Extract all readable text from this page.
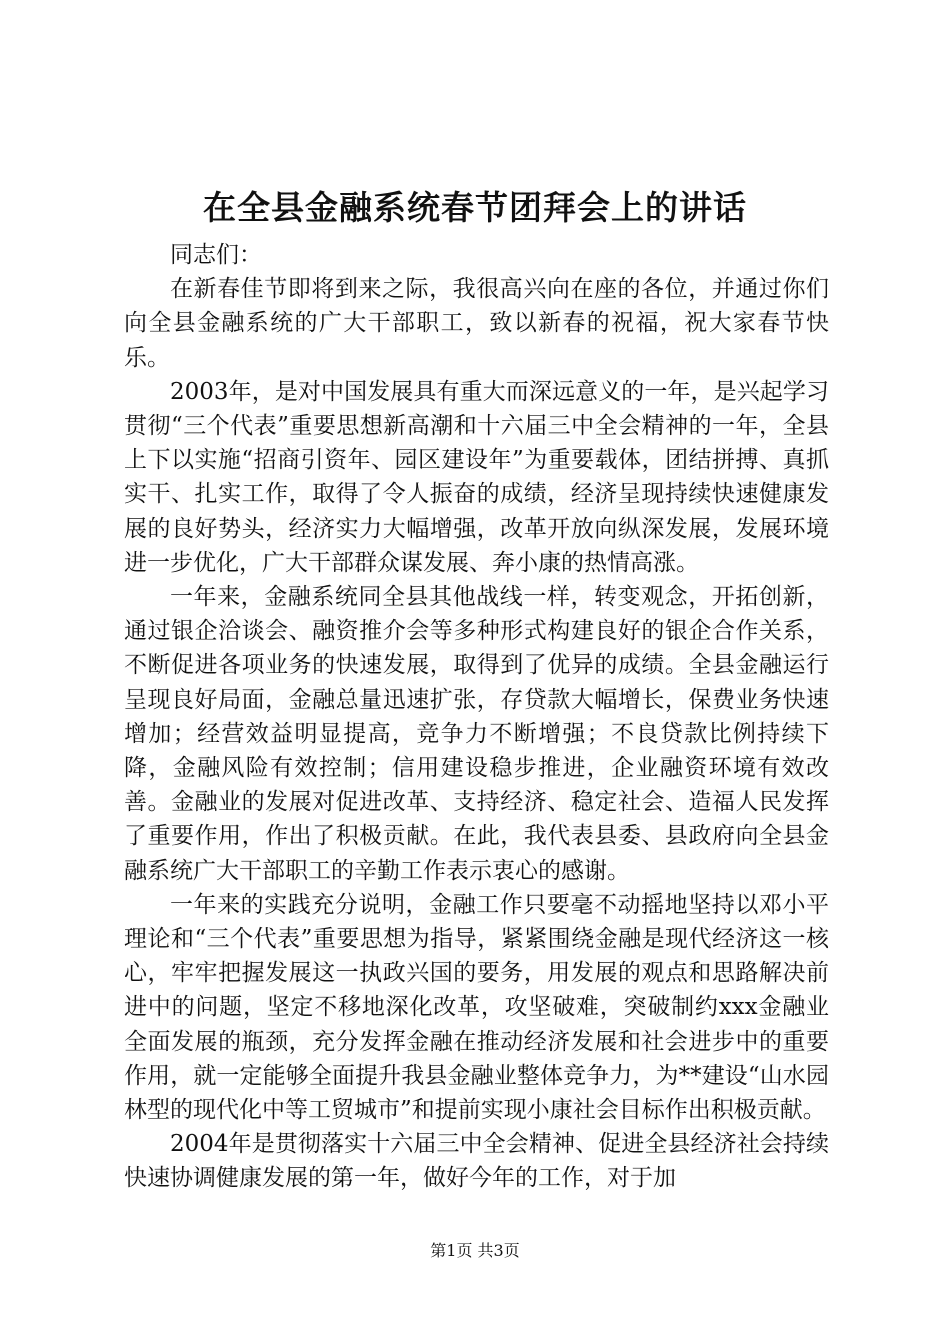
在全县金融系统春节团拜会上的讲话

同志们：

在新春佳节即将到来之际，我很高兴向在座的各位，并通过你们向全县金融系统的广大干部职工，致以新春的祝福，祝大家春节快乐。

2003年，是对中国发展具有重大而深远意义的一年，是兴起学习贯彻“三个代表”重要思想新高潮和十六届三中全会精神的一年，全县上下以实施“招商引资年、园区建设年”为重要载体，团结拼搏、真抓实干、扎实工作，取得了令人振奋的成绩，经济呈现持续快速健康发展的良好势头，经济实力大幅增强，改革开放向纵深发展，发展环境进一步优化，广大干部群众谋发展、奔小康的热情高涨。

一年来，金融系统同全县其他战线一样，转变观念，开拓创新，通过银企洽谈会、融资推介会等多种形式构建良好的银企合作关系，不断促进各项业务的快速发展，取得到了优异的成绩。全县金融运行呈现良好局面，金融总量迅速扩张，存贷款大幅增长，保费业务快速增加；经营效益明显提高，竞争力不断增强；不良贷款比例持续下降，金融风险有效控制；信用建设稳步推进，企业融资环境有效改善。金融业的发展对促进改革、支持经济、稳定社会、造福人民发挥了重要作用，作出了积极贡献。在此，我代表县委、县政府向全县金融系统广大干部职工的辛勤工作表示衷心的感谢。

一年来的实践充分说明，金融工作只要毫不动摇地坚持以邓小平理论和“三个代表”重要思想为指导，紧紧围绕金融是现代经济这一核心，牢牢把握发展这一执政兴国的要务，用发展的观点和思路解决前进中的问题，坚定不移地深化改革，攻坚破难，突破制约xxx金融业全面发展的瓶颈，充分发挥金融在推动经济发展和社会进步中的重要作用，就一定能够全面提升我县金融业整体竞争力，为**建设“山水园林型的现代化中等工贸城市”和提前实现小康社会目标作出积极贡献。

2004年是贯彻落实十六届三中全会精神、促进全县经济社会持续快速协调健康发展的第一年，做好今年的工作，对于加

第1页 共3页
